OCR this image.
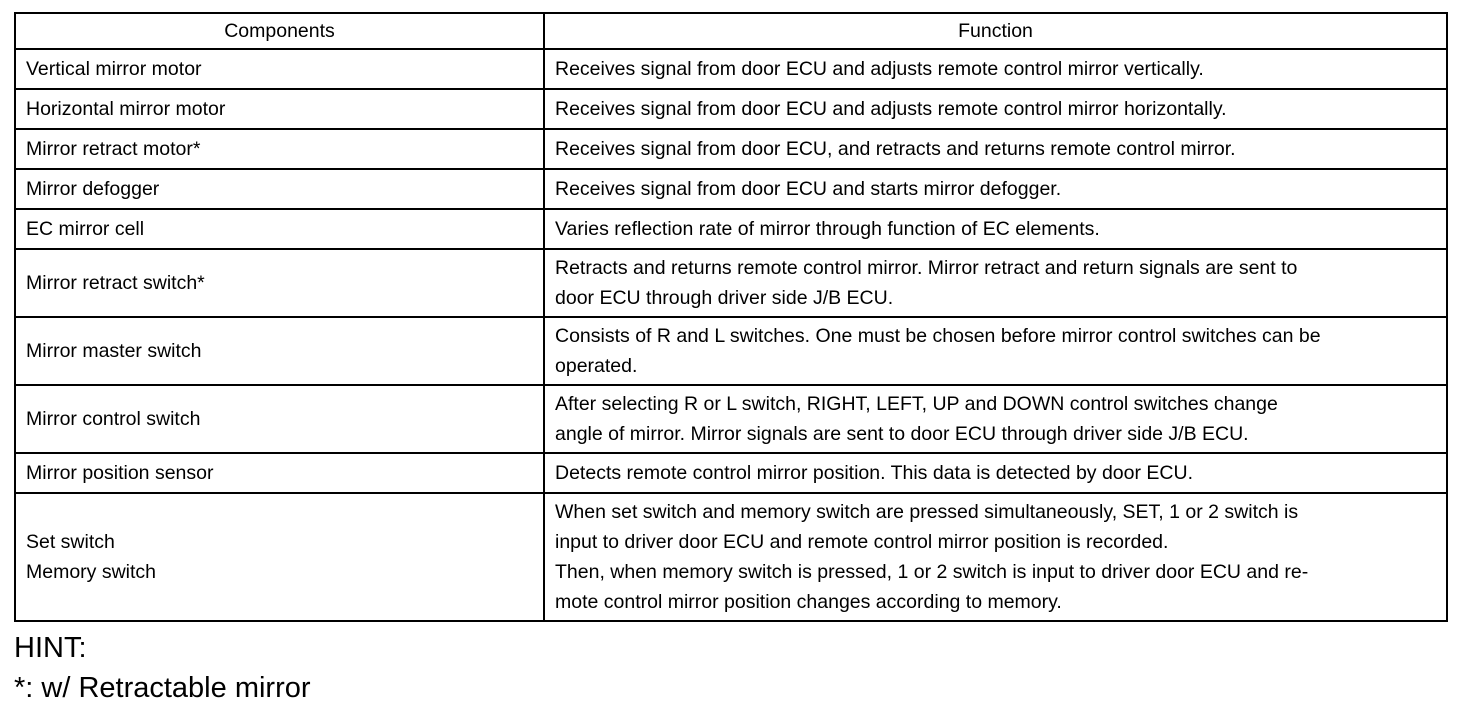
Components	Function

Vertical mirror motor	Receives signal from door ECU and adjusts remote control mirror vertically.

Horizontal mirror motor	Receives signal from door ECU and adjusts remote control mirror horizontally.

Mirror retract motor*	Receives signal from door ECU, and retracts and returns remote control mirror.

Mirror defogger	Receives signal from door ECU and starts mirror defogger.

EC mirror cell	Varies reflection rate of mirror through function of EC elements.

Mirror retract switch*	Retracts and returns remote control mirror. Mirror retract and return signals are sent to
door ECU through driver side J/B ECU.

Mirror master switch	Consists of R and L switches. One must be chosen before mirror control switches can be
operated.

Mirror control switch	After selecting R or L switch, RIGHT, LEFT, UP and DOWN control switches change
angle of mirror. Mirror signals are sent to door ECU through driver side J/B ECU.

Mirror position sensor	Detects remote control mirror position. This data is detected by door ECU.

Set switch
Memory switch	When set switch and memory switch are pressed simultaneously, SET, 1 or 2 switch is
input to driver door ECU and remote control mirror position is recorded.
Then, when memory switch is pressed, 1 or 2 switch is input to driver door ECU and re-
mote control mirror position changes according to memory.
HINT:
*: w/ Retractable mirror
